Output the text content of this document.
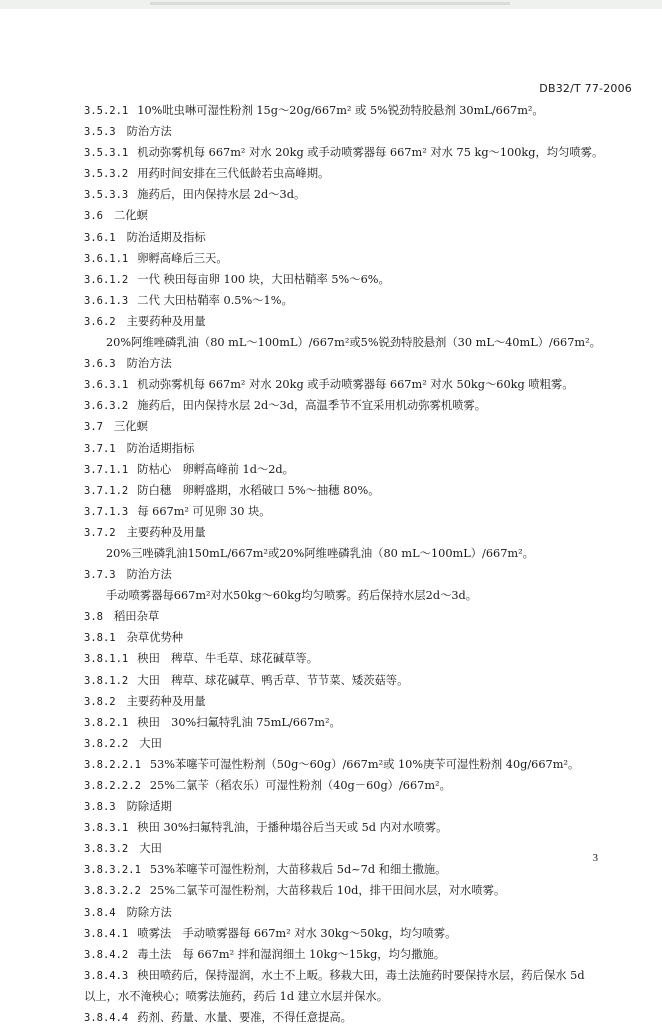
DB32/T 77-2006
3.5.2.1 10%吡虫啉可湿性粉剂 15g～20g/667m² 或 5%锐劲特胶悬剂 30mL/667m²。
3.5.3 防治方法
3.5.3.1 机动弥雾机每 667m² 对水 20kg 或手动喷雾器每 667m² 对水 75 kg～100kg，均匀喷雾。
3.5.3.2 用药时间安排在三代低龄若虫高峰期。
3.5.3.3 施药后，田内保持水层 2d～3d。
3.6 二化螟
3.6.1 防治适期及指标
3.6.1.1 卵孵高峰后三天。
3.6.1.2 一代 秧田每亩卵 100 块，大田枯鞘率 5%～6%。
3.6.1.3 二代 大田枯鞘率 0.5%～1%。
3.6.2 主要药种及用量
20%阿维唑磷乳油（80 mL～100mL）/667m²或5%锐劲特胶悬剂（30 mL～40mL）/667m²。
3.6.3 防治方法
3.6.3.1 机动弥雾机每 667m² 对水 20kg 或手动喷雾器每 667m² 对水 50kg～60kg 喷粗雾。
3.6.3.2 施药后，田内保持水层 2d～3d，高温季节不宜采用机动弥雾机喷雾。
3.7 三化螟
3.7.1 防治适期指标
3.7.1.1 防枯心　卵孵高峰前 1d～2d。
3.7.1.2 防白穗　卵孵盛期，水稻破口 5%～抽穗 80%。
3.7.1.3 每 667m² 可见卵 30 块。
3.7.2 主要药种及用量
20%三唑磷乳油150mL/667m²或20%阿维唑磷乳油（80 mL～100mL）/667m²。
3.7.3 防治方法
手动喷雾器每667m²对水50kg～60kg均匀喷雾。药后保持水层2d～3d。
3.8 稻田杂草
3.8.1 杂草优势种
3.8.1.1 秧田　稗草、牛毛草、球花碱草等。
3.8.1.2 大田　稗草、球花碱草、鸭舌草、节节菜、矮茨菇等。
3.8.2 主要药种及用量
3.8.2.1 秧田　30%扫氟特乳油 75mL/667m²。
3.8.2.2 大田
3.8.2.2.1 53%苯噻苄可湿性粉剂（50g～60g）/667m²或 10%庚苄可湿性粉剂 40g/667m²。
3.8.2.2.2 25%二氯苄（稻农乐）可湿性粉剂（40g－60g）/667m²。
3.8.3 防除适期
3.8.3.1 秧田 30%扫氟特乳油，于播种塌谷后当天或 5d 内对水喷雾。
3.8.3.2 大田
3.8.3.2.1 53%苯噻苄可湿性粉剂，大苗移栽后 5d~7d 和细土撒施。
3.8.3.2.2 25%二氯苄可湿性粉剂，大苗移栽后 10d，排干田间水层，对水喷雾。
3.8.4 防除方法
3.8.4.1 喷雾法　手动喷雾器每 667m² 对水 30kg～50kg，均匀喷雾。
3.8.4.2 毒土法　每 667m² 拌和湿润细土 10kg～15kg，均匀撒施。
3.8.4.3 秧田喷药后，保持湿润，水土不上畈。移栽大田，毒土法施药时要保持水层，药后保水 5d
以上，水不淹秧心；喷雾法施药，药后 1d 建立水层并保水。
3.8.4.4 药剂、药量、水量、要准，不得任意提高。
3
